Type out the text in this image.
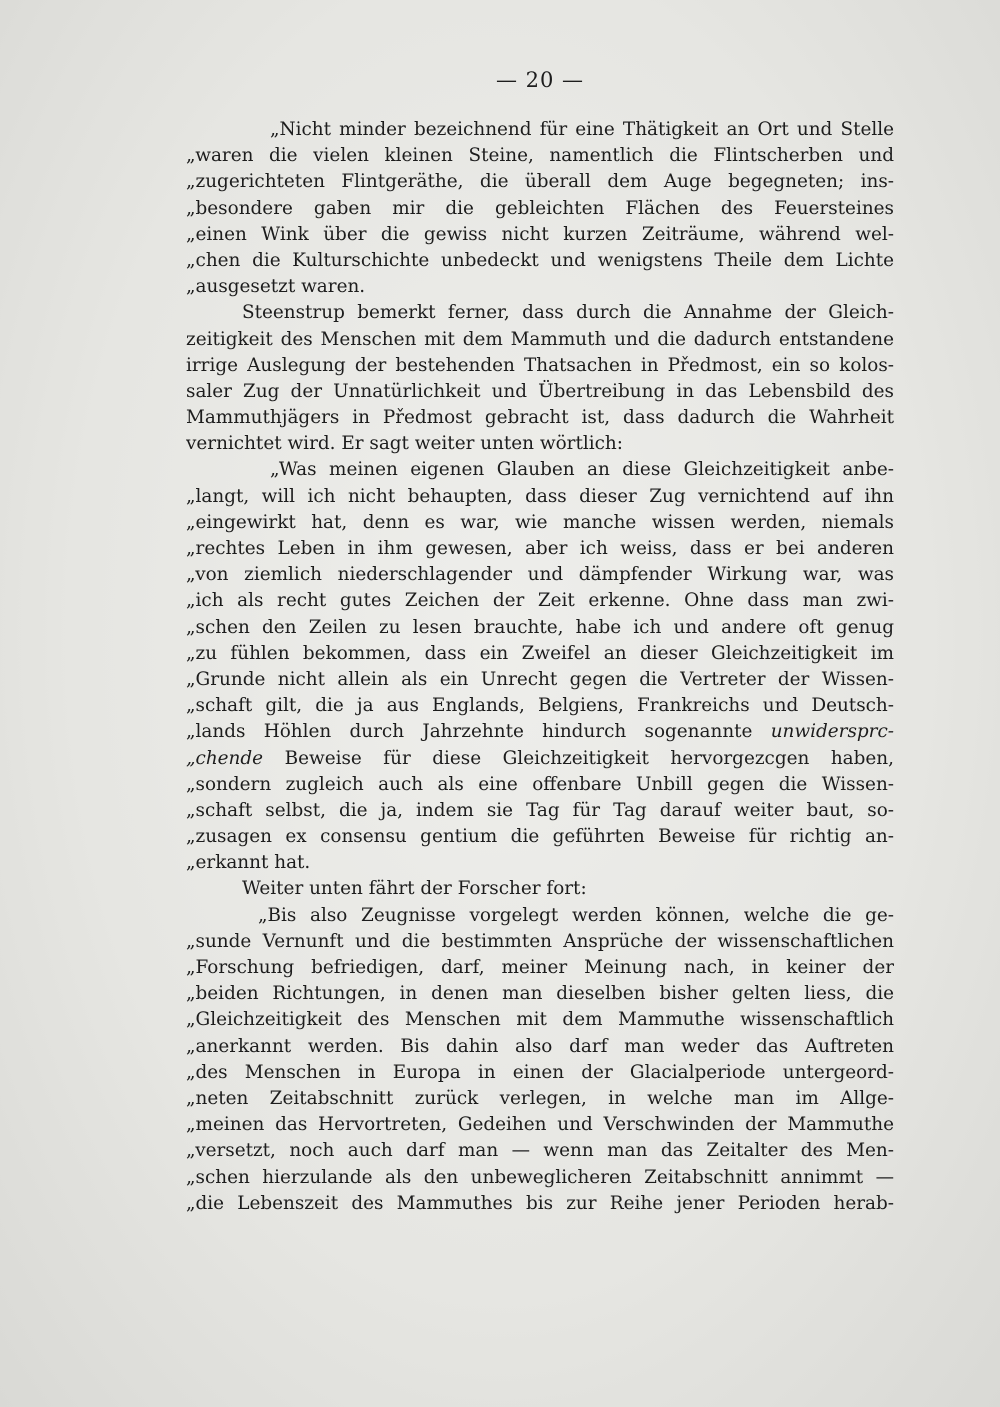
— 20 —
„Nicht minder bezeichnend für eine Thätigkeit an Ort und Stelle
„waren die vielen kleinen Steine, namentlich die Flintscherben und
„zugerichteten Flintgeräthe, die überall dem Auge begegneten; ins-
„besondere gaben mir die gebleichten Flächen des Feuersteines
„einen Wink über die gewiss nicht kurzen Zeiträume, während wel-
„chen die Kulturschichte unbedeckt und wenigstens Theile dem Lichte
„ausgesetzt waren.
Steenstrup bemerkt ferner, dass durch die Annahme der Gleich-
zeitigkeit des Menschen mit dem Mammuth und die dadurch entstandene
irrige Auslegung der bestehenden Thatsachen in Předmost, ein so kolos-
saler Zug der Unnatürlichkeit und Übertreibung in das Lebensbild des
Mammuthjägers in Předmost gebracht ist, dass dadurch die Wahrheit
vernichtet wird. Er sagt weiter unten wörtlich:
„Was meinen eigenen Glauben an diese Gleichzeitigkeit anbe-
„langt, will ich nicht behaupten, dass dieser Zug vernichtend auf ihn
„eingewirkt hat, denn es war, wie manche wissen werden, niemals
„rechtes Leben in ihm gewesen, aber ich weiss, dass er bei anderen
„von ziemlich niederschlagender und dämpfender Wirkung war, was
„ich als recht gutes Zeichen der Zeit erkenne. Ohne dass man zwi-
„schen den Zeilen zu lesen brauchte, habe ich und andere oft genug
„zu fühlen bekommen, dass ein Zweifel an dieser Gleichzeitigkeit im
„Grunde nicht allein als ein Unrecht gegen die Vertreter der Wissen-
„schaft gilt, die ja aus Englands, Belgiens, Frankreichs und Deutsch-
„lands Höhlen durch Jahrzehnte hindurch sogenannte unwidersprc-
„chende Beweise für diese Gleichzeitigkeit hervorgezcgen haben,
„sondern zugleich auch als eine offenbare Unbill gegen die Wissen-
„schaft selbst, die ja, indem sie Tag für Tag darauf weiter baut, so-
„zusagen ex consensu gentium die geführten Beweise für richtig an-
„erkannt hat.
Weiter unten fährt der Forscher fort:
„Bis also Zeugnisse vorgelegt werden können, welche die ge-
„sunde Vernunft und die bestimmten Ansprüche der wissenschaftlichen
„Forschung befriedigen, darf, meiner Meinung nach, in keiner der
„beiden Richtungen, in denen man dieselben bisher gelten liess, die
„Gleichzeitigkeit des Menschen mit dem Mammuthe wissenschaftlich
„anerkannt werden. Bis dahin also darf man weder das Auftreten
„des Menschen in Europa in einen der Glacialperiode untergeord-
„neten Zeitabschnitt zurück verlegen, in welche man im Allge-
„meinen das Hervortreten, Gedeihen und Verschwinden der Mammuthe
„versetzt, noch auch darf man — wenn man das Zeitalter des Men-
„schen hierzulande als den unbeweglicheren Zeitabschnitt annimmt —
„die Lebenszeit des Mammuthes bis zur Reihe jener Perioden herab-
